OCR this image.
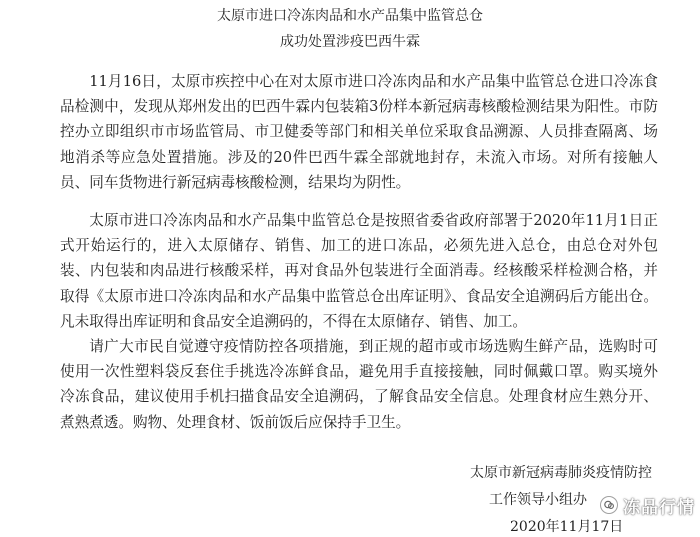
太原市进口冷冻肉品和水产品集中监管总仓
成功处置涉疫巴西牛霖

11月16日，太原市疾控中心在对太原市进口冷冻肉品和水产品集中监管总仓进口冷冻食品检测中，发现从郑州发出的巴西牛霖内包装箱3份样本新冠病毒核酸检测结果为阳性。市防控办立即组织市市场监管局、市卫健委等部门和相关单位采取食品溯源、人员排查隔离、场地消杀等应急处置措施。涉及的20件巴西牛霖全部就地封存，未流入市场。对所有接触人员、同车货物进行新冠病毒核酸检测，结果均为阴性。

太原市进口冷冻肉品和水产品集中监管总仓是按照省委省政府部署于2020年11月1日正式开始运行的，进入太原储存、销售、加工的进口冻品，必须先进入总仓，由总仓对外包装、内包装和肉品进行核酸采样，再对食品外包装进行全面消毒。经核酸采样检测合格，并取得《太原市进口冷冻肉品和水产品集中监管总仓出库证明》、食品安全追溯码后方能出仓。凡未取得出库证明和食品安全追溯码的，不得在太原储存、销售、加工。

请广大市民自觉遵守疫情防控各项措施，到正规的超市或市场选购生鲜产品，选购时可使用一次性塑料袋反套住手挑选冷冻鲜食品，避免用手直接接触，同时佩戴口罩。购买境外冷冻食品，建议使用手机扫描食品安全追溯码，了解食品安全信息。处理食材应生熟分开、煮熟煮透。购物、处理食材、饭前饭后应保持手卫生。

太原市新冠病毒肺炎疫情防控
工作领导小组办
2020年11月17日
冻品行情
